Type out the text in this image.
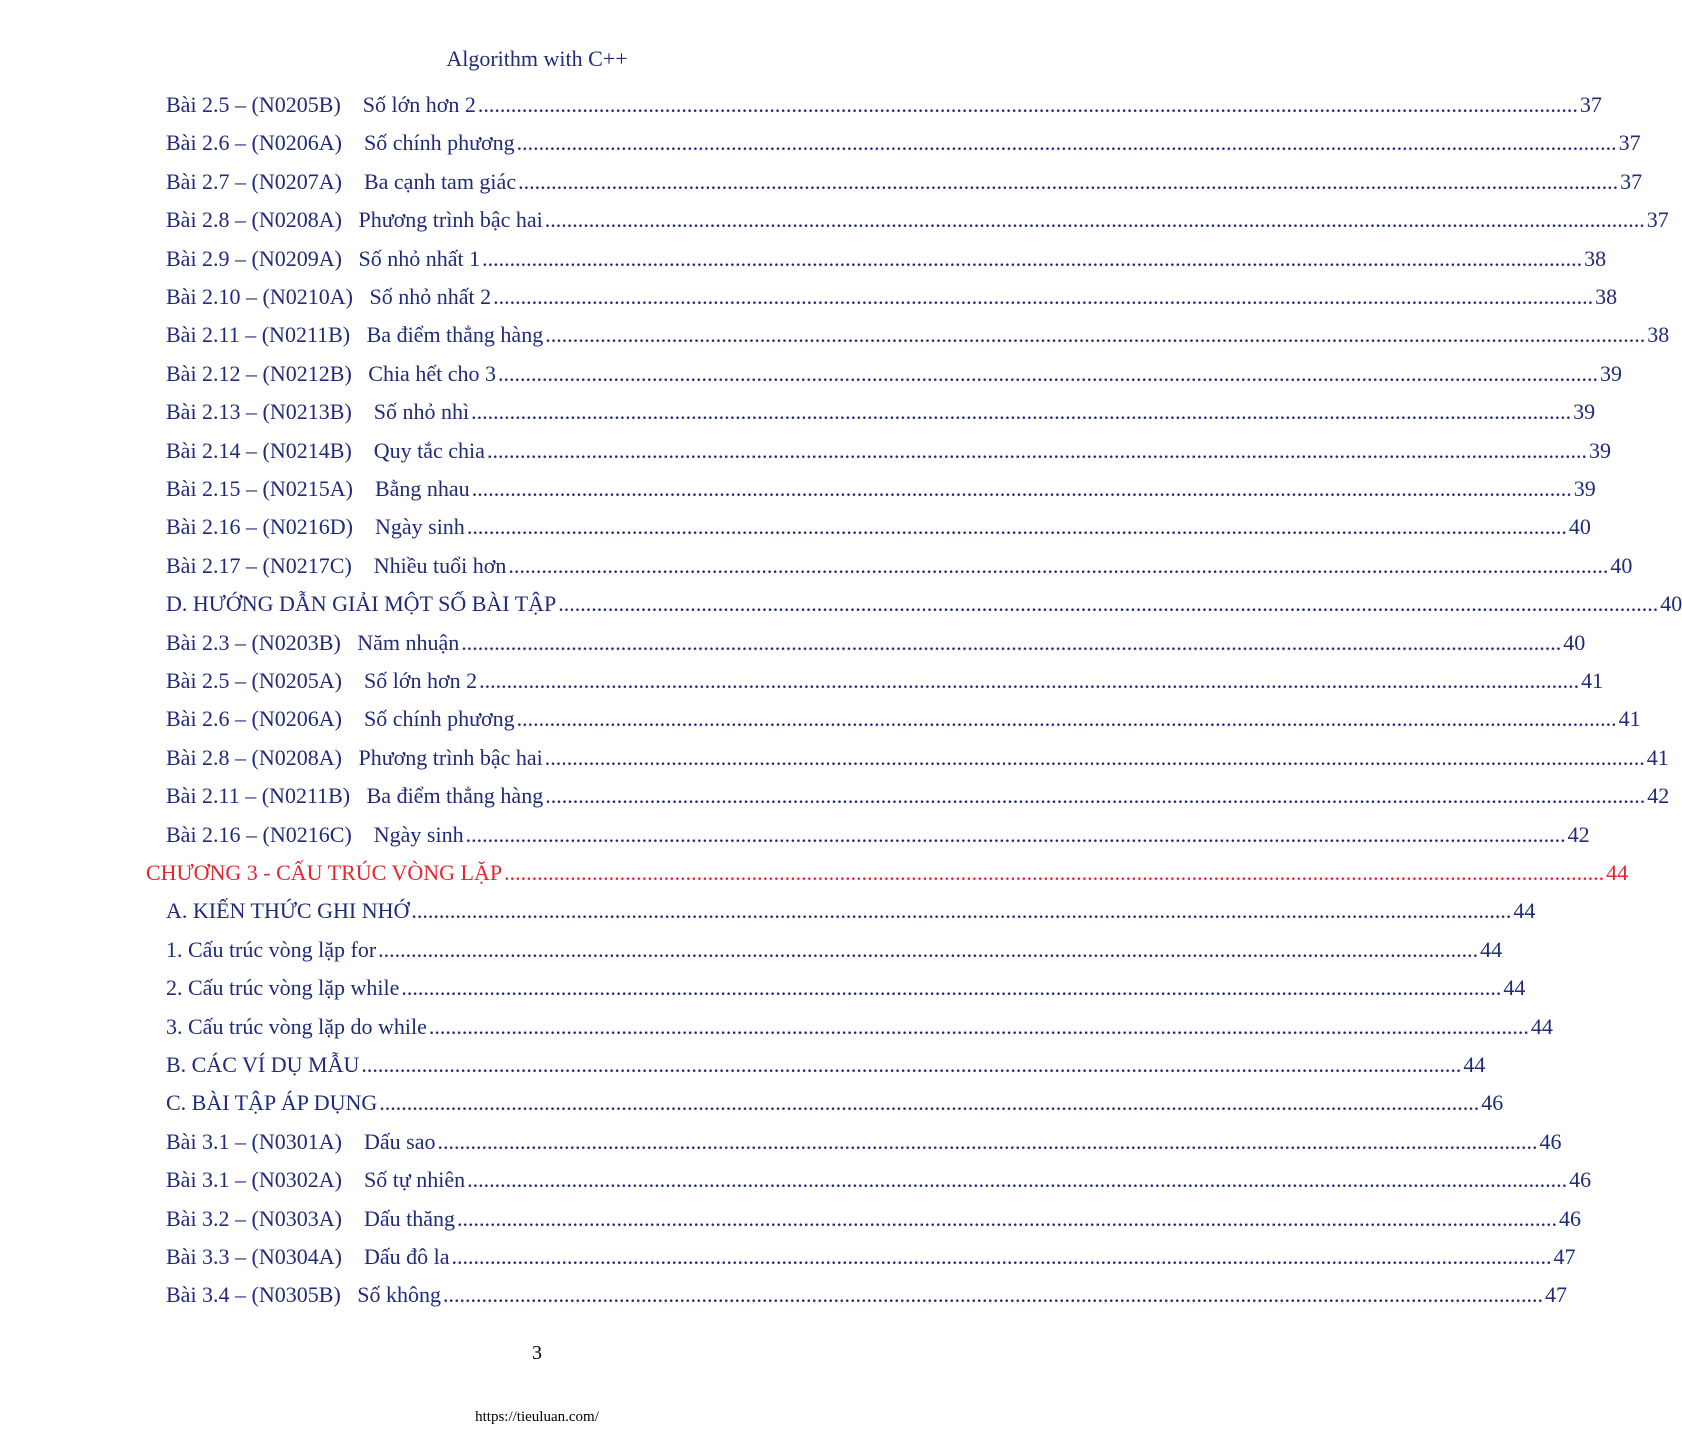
Algorithm with C++
Bài 2.5 – (N0205B)    Số lớn hơn 2 ........................................................................................................................................................................................................ 37
Bài 2.6 – (N0206A)    Số chính phương ........................................................................................................................................................................................................ 37
Bài 2.7 – (N0207A)    Ba cạnh tam giác ........................................................................................................................................................................................................ 37
Bài 2.8 – (N0208A)   Phương trình bậc hai ........................................................................................................................................................................................................ 37
Bài 2.9 – (N0209A)   Số nhỏ nhất 1 ........................................................................................................................................................................................................ 38
Bài 2.10 – (N0210A)   Số nhỏ nhất 2 ........................................................................................................................................................................................................ 38
Bài 2.11 – (N0211B)   Ba điểm thẳng hàng ........................................................................................................................................................................................................ 38
Bài 2.12 – (N0212B)   Chia hết cho 3 ........................................................................................................................................................................................................ 39
Bài 2.13 – (N0213B)    Số nhỏ nhì ........................................................................................................................................................................................................ 39
Bài 2.14 – (N0214B)    Quy tắc chia ........................................................................................................................................................................................................ 39
Bài 2.15 – (N0215A)    Bằng nhau ........................................................................................................................................................................................................ 39
Bài 2.16 – (N0216D)    Ngày sinh ........................................................................................................................................................................................................ 40
Bài 2.17 – (N0217C)    Nhiều tuổi hơn ........................................................................................................................................................................................................ 40
D. HƯỚNG DẪN GIẢI MỘT SỐ BÀI TẬP ........................................................................................................................................................................................................ 40
Bài 2.3 – (N0203B)   Năm nhuận ........................................................................................................................................................................................................ 40
Bài 2.5 – (N0205A)    Số lớn hơn 2 ........................................................................................................................................................................................................ 41
Bài 2.6 – (N0206A)    Số chính phương ........................................................................................................................................................................................................ 41
Bài 2.8 – (N0208A)   Phương trình bậc hai ........................................................................................................................................................................................................ 41
Bài 2.11 – (N0211B)   Ba điểm thẳng hàng ........................................................................................................................................................................................................ 42
Bài 2.16 – (N0216C)    Ngày sinh ........................................................................................................................................................................................................ 42
CHƯƠNG 3 - CẤU TRÚC VÒNG LẶP ........................................................................................................................................................................................................ 44
A. KIẾN THỨC GHI NHỚ ........................................................................................................................................................................................................ 44
1. Cấu trúc vòng lặp for ........................................................................................................................................................................................................ 44
2. Cấu trúc vòng lặp while ........................................................................................................................................................................................................ 44
3. Cấu trúc vòng lặp do while ........................................................................................................................................................................................................ 44
B. CÁC VÍ DỤ MẪU ........................................................................................................................................................................................................ 44
C. BÀI TẬP ÁP DỤNG ........................................................................................................................................................................................................ 46
Bài 3.1 – (N0301A)    Dấu sao ........................................................................................................................................................................................................ 46
Bài 3.1 – (N0302A)    Số tự nhiên ........................................................................................................................................................................................................ 46
Bài 3.2 – (N0303A)    Dấu thăng ........................................................................................................................................................................................................ 46
Bài 3.3 – (N0304A)    Dấu đô la ........................................................................................................................................................................................................ 47
Bài 3.4 – (N0305B)   Số không ........................................................................................................................................................................................................ 47
3
https://tieuluan.com/
